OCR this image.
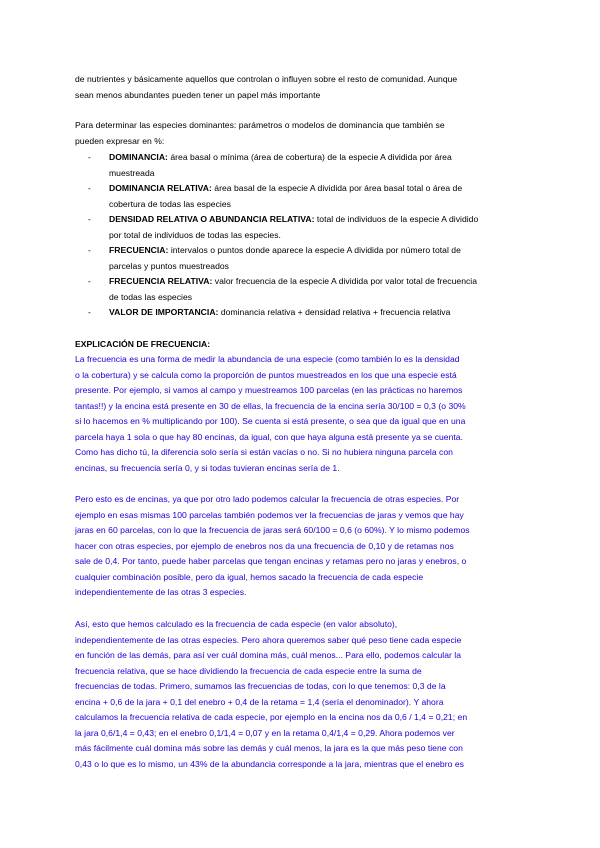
de nutrientes y básicamente aquellos que controlan o influyen sobre el resto de comunidad. Aunque
sean menos abundantes pueden tener un papel más importante
Para determinar las especies dominantes: parámetros o modelos de dominancia que también se
pueden expresar en %:
- DOMINANCIA: área basal o mínima (área de cobertura) de la especie A dividida por área
muestreada
- DOMINANCIA RELATIVA: área basal de la especie A dividida por área basal total o área de
cobertura de todas las especies
- DENSIDAD RELATIVA O ABUNDANCIA RELATIVA: total de individuos de la especie A dividido
por total de individuos de todas las especies.
- FRECUENCIA: intervalos o puntos donde aparece la especie A dividida por número total de
parcelas y puntos muestreados
- FRECUENCIA RELATIVA: valor frecuencia de la especie A dividida por valor total de frecuencia
de todas las especies
- VALOR DE IMPORTANCIA: dominancia relativa + densidad relativa + frecuencia relativa
EXPLICACIÓN DE FRECUENCIA:
La frecuencia es una forma de medir la abundancia de una especie (como también lo es la densidad
o la cobertura) y se calcula como la proporción de puntos muestreados en los que una especie está
presente. Por ejemplo, si vamos al campo y muestreamos 100 parcelas (en las prácticas no haremos
tantas!!) y la encina está presente en 30 de ellas, la frecuencia de la encina sería 30/100 = 0,3 (o 30%
si lo hacemos en % multiplicando por 100). Se cuenta si está presente, o sea que da igual que en una
parcela haya 1 sola o que hay 80 encinas, da igual, con que haya alguna está presente ya se cuenta.
Como has dicho tú, la diferencia solo sería si están vacías o no. Si no hubiera ninguna parcela con
encinas, su frecuencia sería 0, y si todas tuvieran encinas sería de 1.
Pero esto es de encinas, ya que por otro lado podemos calcular la frecuencia de otras especies. Por
ejemplo en esas mismas 100 parcelas también podemos ver la frecuencias de jaras y vemos que hay
jaras en 60 parcelas, con lo que la frecuencia de jaras será 60/100 = 0,6 (o 60%). Y lo mismo podemos
hacer con otras especies, por ejemplo de enebros nos da una frecuencia de 0,10 y de retamas nos
sale de 0,4. Por tanto, puede haber parcelas que tengan encinas y retamas pero no jaras y enebros, o
cualquier combinación posible, pero da igual, hemos sacado la frecuencia de cada especie
independientemente de las otras 3 especies.
Así, esto que hemos calculado es la frecuencia de cada especie (en valor absoluto),
independientemente de las otras especies. Pero ahora queremos saber qué peso tiene cada especie
en función de las demás, para así ver cuál domina más, cuál menos... Para ello, podemos calcular la
frecuencia relativa, que se hace dividiendo la frecuencia de cada especie entre la suma de
frecuencias de todas. Primero, sumamos las frecuencias de todas, con lo que tenemos: 0,3 de la
encina + 0,6 de la jara + 0,1 del enebro + 0,4 de la retama = 1,4 (sería el denominador). Y ahora
calculamos la frecuencia relativa de cada especie, por ejemplo en la encina nos da 0,6 / 1,4 = 0,21; en
la jara 0,6/1,4 = 0,43; en el enebro 0,1/1,4 = 0,07 y en la retama 0,4/1,4 = 0,29. Ahora podemos ver
más fácilmente cuál domina más sobre las demás y cuál menos, la jara es la que más peso tiene con
0,43 o lo que es lo mismo, un 43% de la abundancia corresponde a la jara, mientras que el enebro es
